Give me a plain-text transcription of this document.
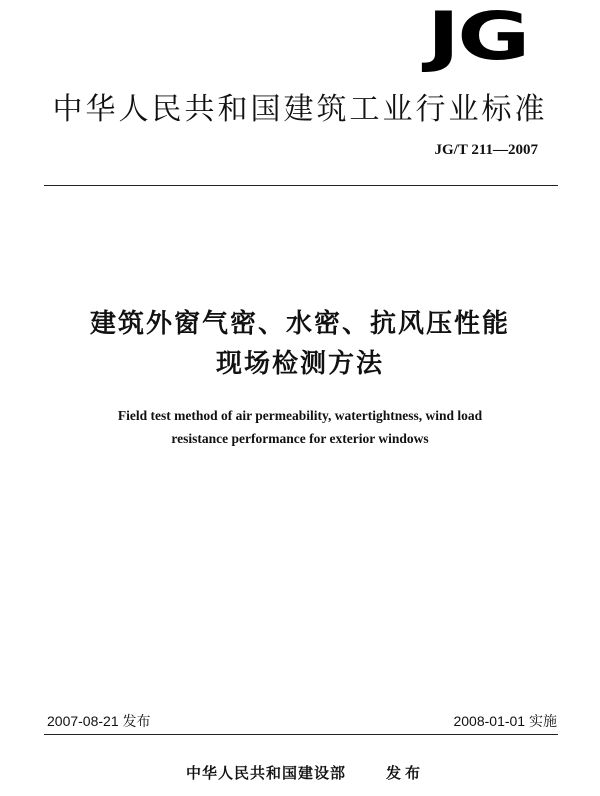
JG
中华人民共和国建筑工业行业标准
JG/T 211—2007
建筑外窗气密、水密、抗风压性能
现场检测方法
Field test method of air permeability, watertightness, wind load
resistance performance for exterior windows
2007-08-21 发布	2008-01-01 实施
中华人民共和国建设部	发布
